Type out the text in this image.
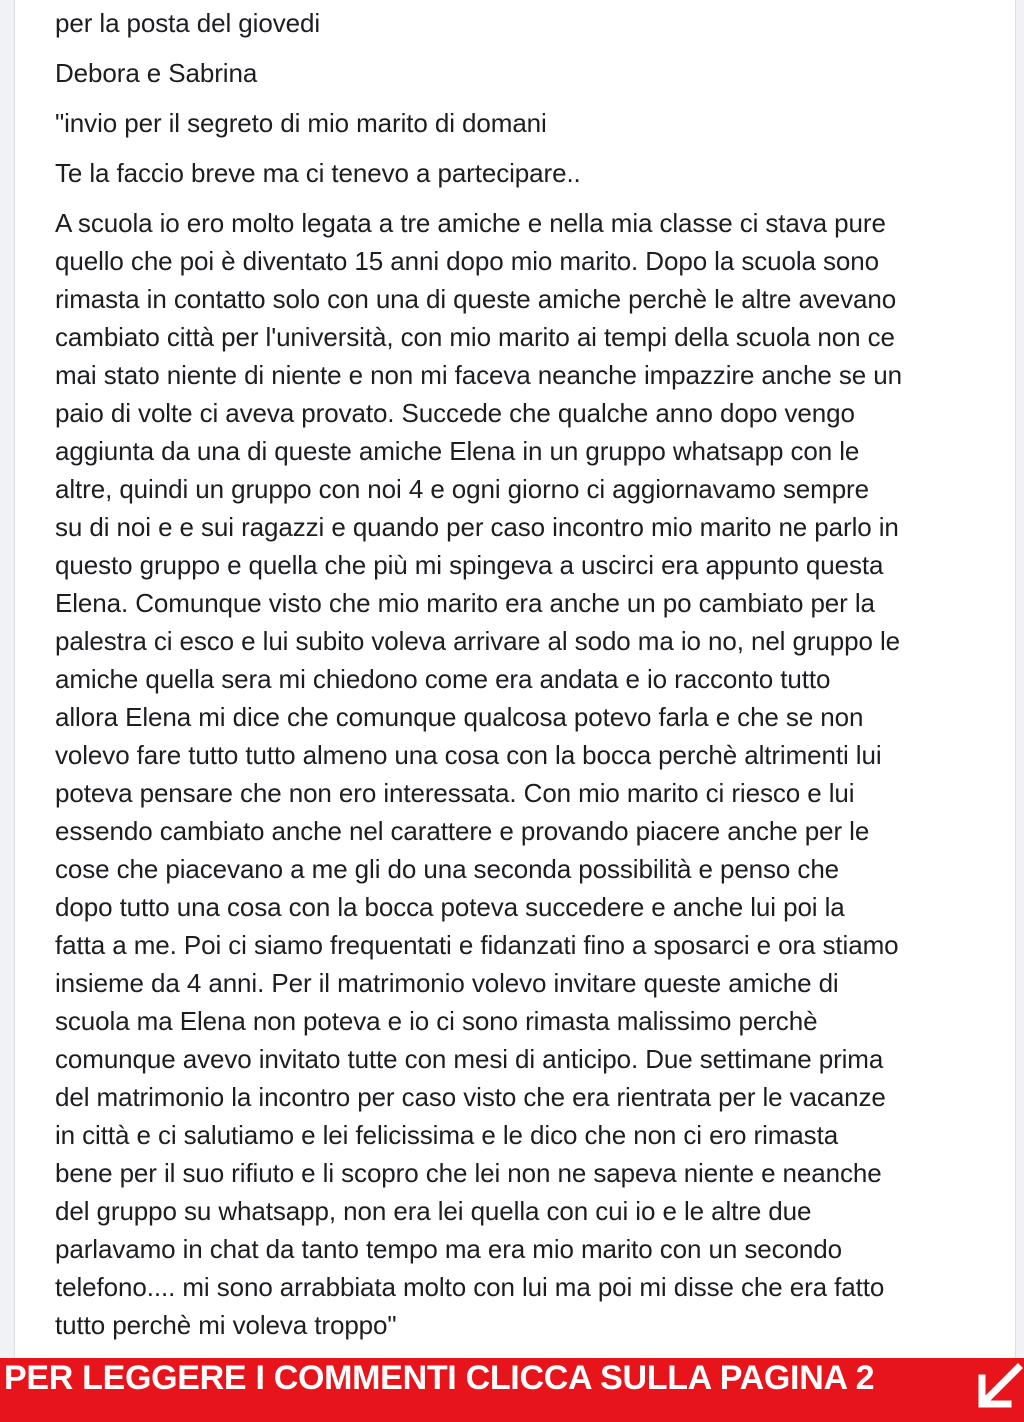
per la posta del giovedi

Debora e Sabrina

"invio per il segreto di mio marito di domani

Te la faccio breve ma ci tenevo a partecipare..

A scuola io ero molto legata a tre amiche e nella mia classe ci stava pure
quello che poi è diventato 15 anni dopo mio marito. Dopo la scuola sono
rimasta in contatto solo con una di queste amiche perchè le altre avevano
cambiato città per l'università, con mio marito ai tempi della scuola non ce
mai stato niente di niente e non mi faceva neanche impazzire anche se un
paio di volte ci aveva provato. Succede che qualche anno dopo vengo
aggiunta da una di queste amiche Elena in un gruppo whatsapp con le
altre, quindi un gruppo con noi 4 e ogni giorno ci aggiornavamo sempre
su di noi e e sui ragazzi e quando per caso incontro mio marito ne parlo in
questo gruppo e quella che più mi spingeva a uscirci era appunto questa
Elena. Comunque visto che mio marito era anche un po cambiato per la
palestra ci esco e lui subito voleva arrivare al sodo ma io no, nel gruppo le
amiche quella sera mi chiedono come era andata e io racconto tutto
allora Elena mi dice che comunque qualcosa potevo farla e che se non
volevo fare tutto tutto almeno una cosa con la bocca perchè altrimenti lui
poteva pensare che non ero interessata. Con mio marito ci riesco e lui
essendo cambiato anche nel carattere e provando piacere anche per le
cose che piacevano a me gli do una seconda possibilità e penso che
dopo tutto una cosa con la bocca poteva succedere e anche lui poi la
fatta a me. Poi ci siamo frequentati e fidanzati fino a sposarci e ora stiamo
insieme da 4 anni. Per il matrimonio volevo invitare queste amiche di
scuola ma Elena non poteva e io ci sono rimasta malissimo perchè
comunque avevo invitato tutte con mesi di anticipo. Due settimane prima
del matrimonio la incontro per caso visto che era rientrata per le vacanze
in città e ci salutiamo e lei felicissima e le dico che non ci ero rimasta
bene per il suo rifiuto e li scopro che lei non ne sapeva niente e neanche
del gruppo su whatsapp, non era lei quella con cui io e le altre due
parlavamo in chat da tanto tempo ma era mio marito con un secondo
telefono.... mi sono arrabbiata molto con lui ma poi mi disse che era fatto
tutto perchè mi voleva troppo"
PER LEGGERE I COMMENTI CLICCA SULLA PAGINA 2
